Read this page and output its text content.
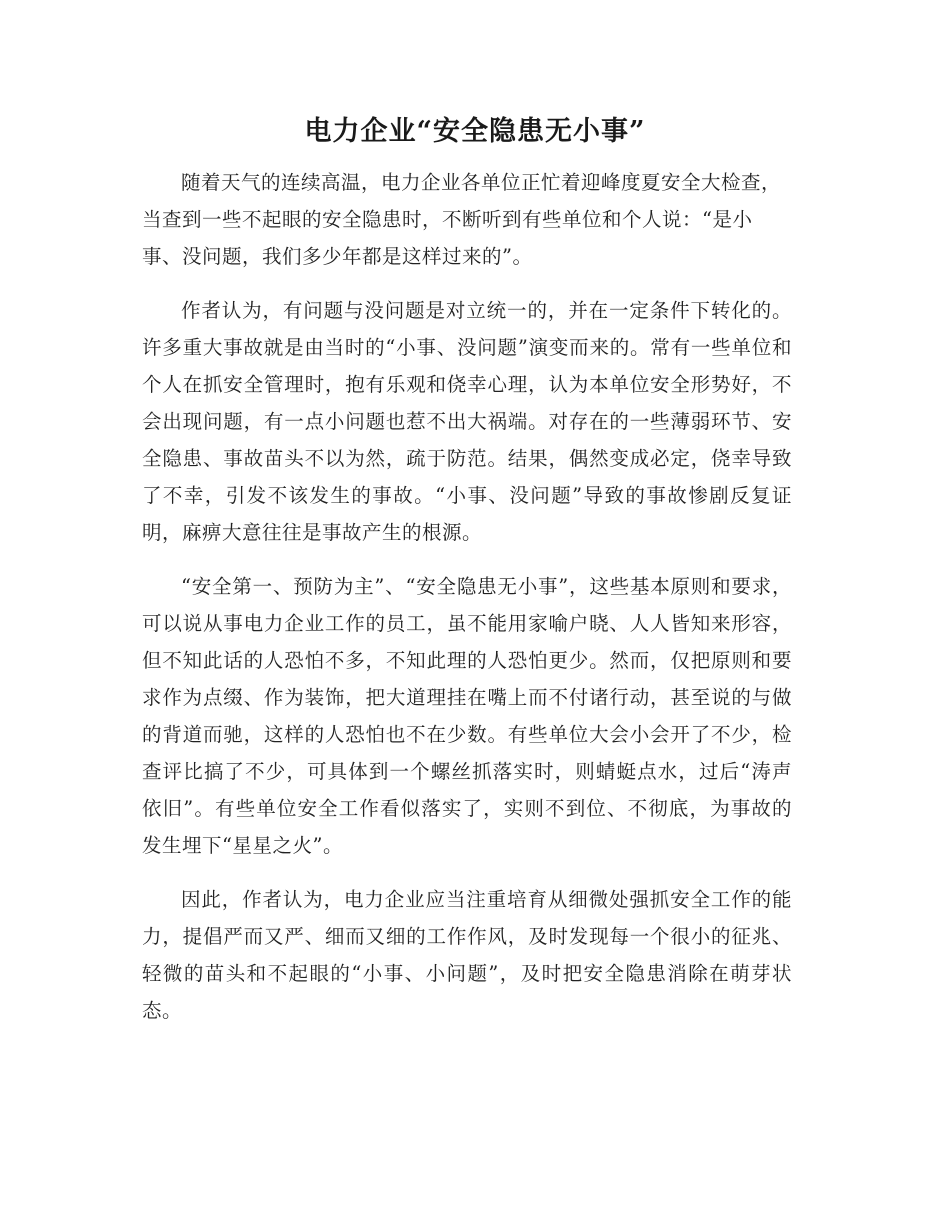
电力企业“安全隐患无小事”

随着天气的连续高温，电力企业各单位正忙着迎峰度夏安全大检查，当查到一些不起眼的安全隐患时，不断听到有些单位和个人说：“是小事、没问题，我们多少年都是这样过来的”。

作者认为，有问题与没问题是对立统一的，并在一定条件下转化的。许多重大事故就是由当时的“小事、没问题”演变而来的。常有一些单位和个人在抓安全管理时，抱有乐观和侥幸心理，认为本单位安全形势好，不会出现问题，有一点小问题也惹不出大祸端。对存在的一些薄弱环节、安全隐患、事故苗头不以为然，疏于防范。结果，偶然变成必定，侥幸导致了不幸，引发不该发生的事故。“小事、没问题”导致的事故惨剧反复证明，麻痹大意往往是事故产生的根源。

“安全第一、预防为主”、“安全隐患无小事”，这些基本原则和要求，可以说从事电力企业工作的员工，虽不能用家喻户晓、人人皆知来形容，但不知此话的人恐怕不多，不知此理的人恐怕更少。然而，仅把原则和要求作为点缀、作为装饰，把大道理挂在嘴上而不付诸行动，甚至说的与做的背道而驰，这样的人恐怕也不在少数。有些单位大会小会开了不少，检查评比搞了不少，可具体到一个螺丝抓落实时，则蜻蜓点水，过后“涛声依旧”。有些单位安全工作看似落实了，实则不到位、不彻底，为事故的发生埋下“星星之火”。

因此，作者认为，电力企业应当注重培育从细微处强抓安全工作的能力，提倡严而又严、细而又细的工作作风，及时发现每一个很小的征兆、轻微的苗头和不起眼的“小事、小问题”，及时把安全隐患消除在萌芽状态。
